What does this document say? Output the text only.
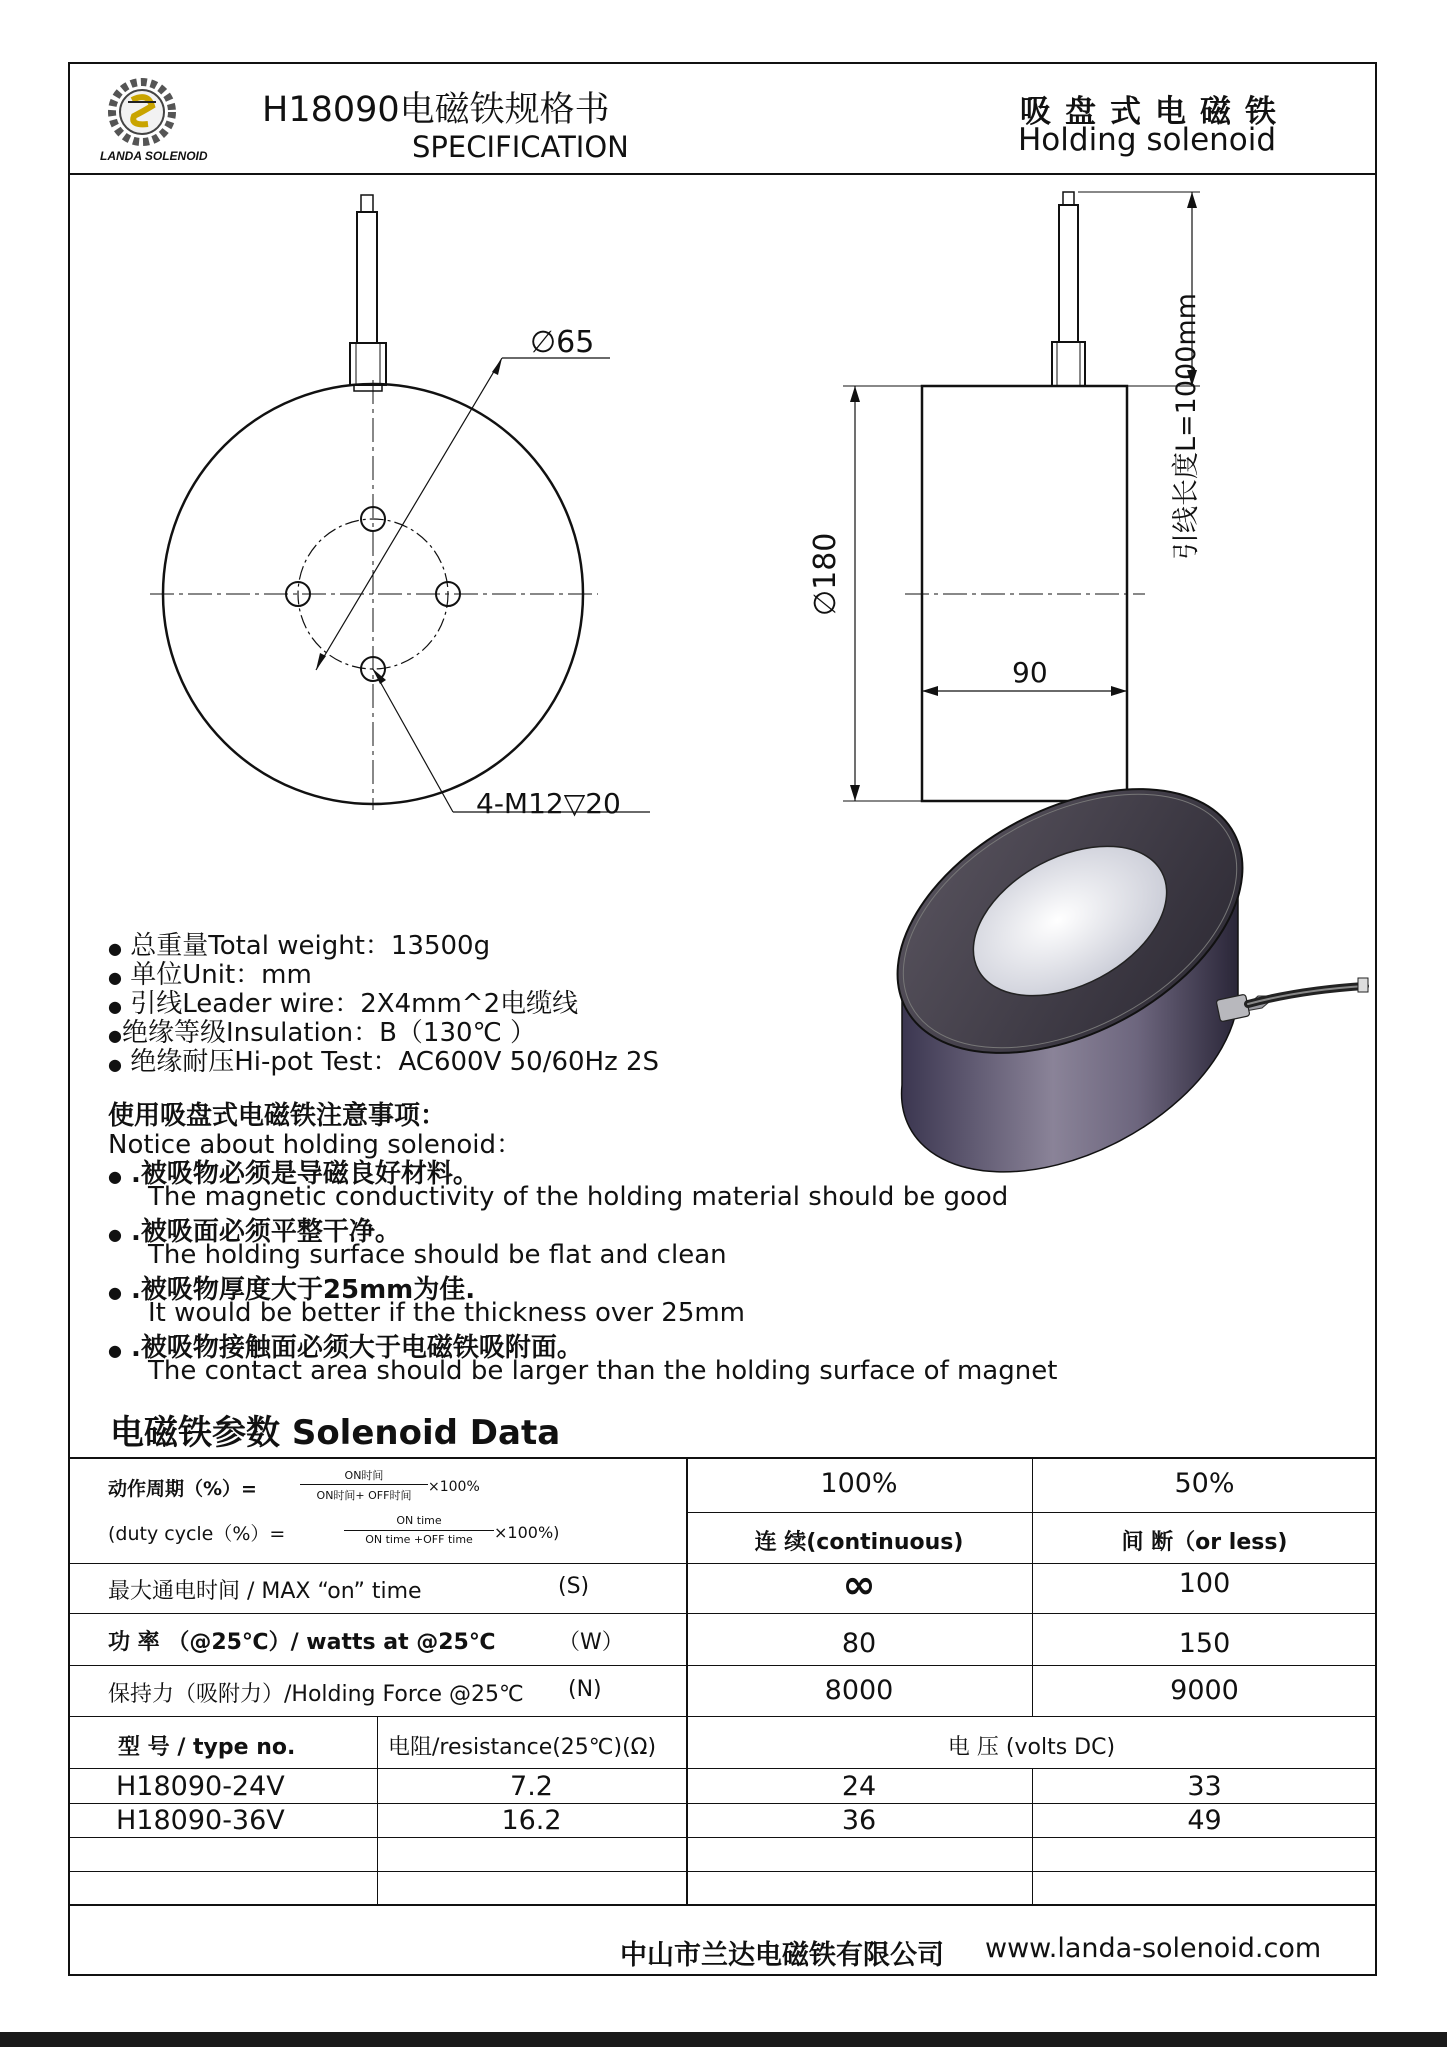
LANDA SOLENOID
H18090电磁铁规格书
SPECIFICATION
吸盘式电磁铁
Holding solenoid
∅65
4-M12▽20
∅180
90
引线长度L=1000mm
● 总重量Total weight：13500g
● 单位Unit：mm
● 引线Leader wire：2X4mm^2电缆线
●绝缘等级Insulation：B（130℃ ）
● 绝缘耐压Hi-pot Test：AC600V 50/60Hz 2S
使用吸盘式电磁铁注意事项：
Notice about holding solenoid：
● .被吸物必须是导磁良好材料。
The magnetic conductivity of the holding material should be good
● .被吸面必须平整干净。
The holding surface should be flat and clean
● .被吸物厚度大于25mm为佳.
It would be better if the thickness over 25mm
● .被吸物接触面必须大于电磁铁吸附面。
The contact area should be larger than the holding surface of magnet
电磁铁参数 Solenoid Data
动作周期（%）=
ON时间
ON时间+ OFF时间
×100%
(duty cycle（%）=
ON time
ON time +OFF time	×100%)
100%	50%
连 续(continuous)	间 断（or less)
最大通电时间 / MAX “on” time	(S)	∞	100
功 率 （@25℃）/ watts at @25℃	（W）	80	150
保持力（吸附力）/Holding Force @25℃ (N)	8000	9000
型 号 / type no.	电阻/resistance(25℃)(Ω)	电 压 (volts DC)
H18090-24V	7.2	24	33
H18090-36V	16.2	36	49
中山市兰达电磁铁有限公司 www.landa-solenoid.com
